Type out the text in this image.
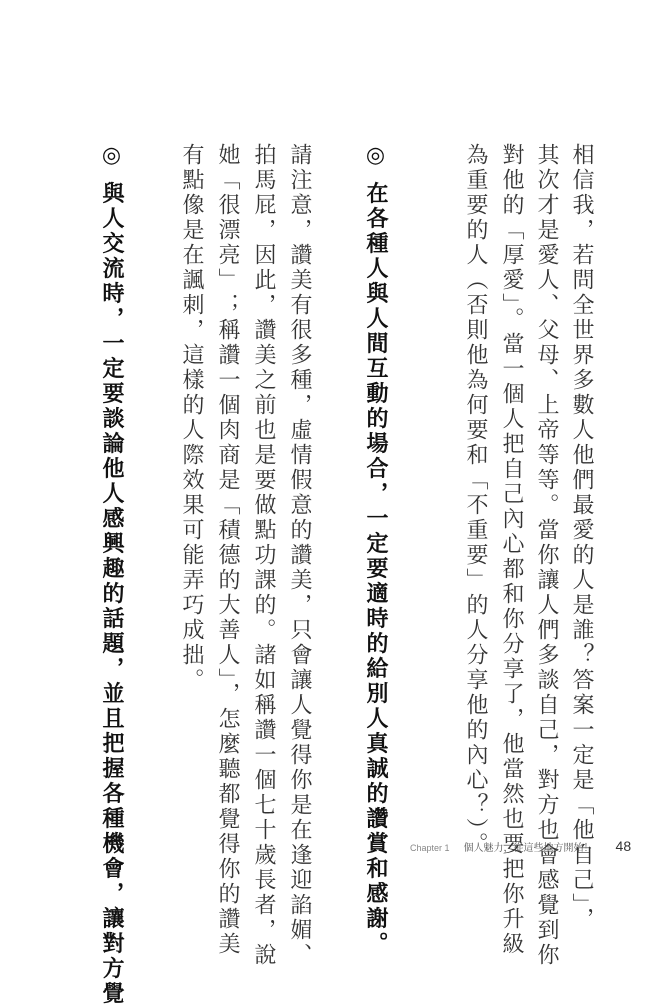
相信我，若問全世界多數人他們最愛的人是誰？答案一定是「他自己」，
其次才是愛人、父母、上帝等等。當你讓人們多談自己，對方也會感覺到你
對他的「厚愛」。當一個人把自己內心都和你分享了，他當然也要把你升級
為重要的人（否則他為何要和「不重要」的人分享他的內心？）。
◎ 在各種人與人間互動的場合，一定要適時的給別人真誠的讚賞和感謝。
請注意，讚美有很多種，虛情假意的讚美，只會讓人覺得你是在逢迎諂媚、
拍馬屁，因此，讚美之前也是要做點功課的。諸如稱讚一個七十歲長者，說
她「很漂亮」；稱讚一個肉商是「積德的大善人」，怎麼聽都覺得你的讚美
有點像是在諷刺，這樣的人際效果可能弄巧成拙。
◎ 與人交流時，一定要談論他人感興趣的話題，並且把握各種機會，讓對方覺	Chapter 1 個人魅力，從這些地方開始！ 48
